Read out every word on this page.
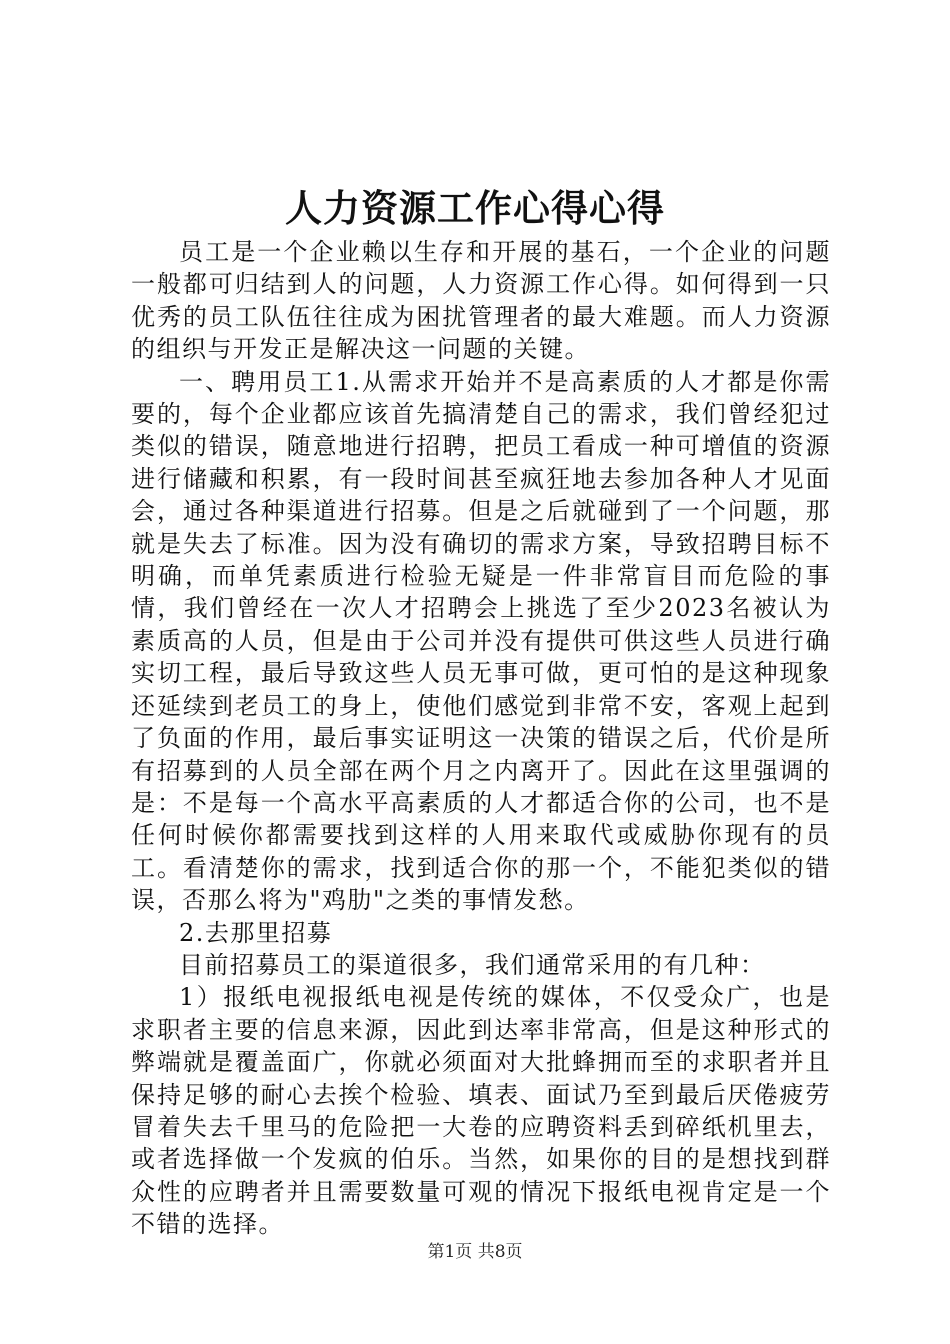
人力资源工作心得心得

员工是一个企业赖以生存和开展的基石，一个企业的问题一般都可归结到人的问题，人力资源工作心得。如何得到一只优秀的员工队伍往往成为困扰管理者的最大难题。而人力资源的组织与开发正是解决这一问题的关键。

一、聘用员工1.从需求开始并不是高素质的人才都是你需要的，每个企业都应该首先搞清楚自己的需求，我们曾经犯过类似的错误，随意地进行招聘，把员工看成一种可增值的资源进行储藏和积累，有一段时间甚至疯狂地去参加各种人才见面会，通过各种渠道进行招募。但是之后就碰到了一个问题，那就是失去了标准。因为没有确切的需求方案，导致招聘目标不明确，而单凭素质进行检验无疑是一件非常盲目而危险的事情，我们曾经在一次人才招聘会上挑选了至少2023名被认为素质高的人员，但是由于公司并没有提供可供这些人员进行确实切工程，最后导致这些人员无事可做，更可怕的是这种现象还延续到老员工的身上，使他们感觉到非常不安，客观上起到了负面的作用，最后事实证明这一决策的错误之后，代价是所有招募到的人员全部在两个月之内离开了。因此在这里强调的是：不是每一个高水平高素质的人才都适合你的公司，也不是任何时候你都需要找到这样的人用来取代或威胁你现有的员工。看清楚你的需求，找到适合你的那一个，不能犯类似的错误，否那么将为"鸡肋"之类的事情发愁。

2.去那里招募

目前招募员工的渠道很多，我们通常采用的有几种：

1）报纸电视报纸电视是传统的媒体，不仅受众广，也是求职者主要的信息来源，因此到达率非常高，但是这种形式的弊端就是覆盖面广，你就必须面对大批蜂拥而至的求职者并且保持足够的耐心去挨个检验、填表、面试乃至到最后厌倦疲劳冒着失去千里马的危险把一大卷的应聘资料丢到碎纸机里去，或者选择做一个发疯的伯乐。当然，如果你的目的是想找到群众性的应聘者并且需要数量可观的情况下报纸电视肯定是一个不错的选择。

第1页 共8页
